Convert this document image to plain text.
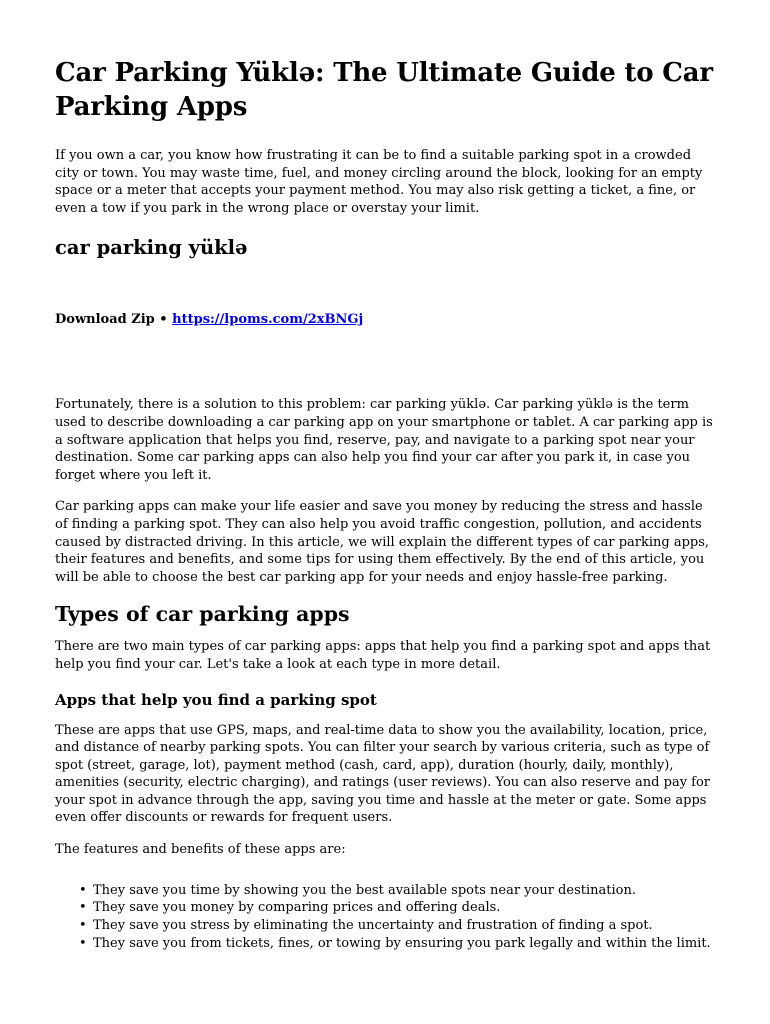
Car Parking Yüklə: The Ultimate Guide to Car Parking Apps

If you own a car, you know how frustrating it can be to find a suitable parking spot in a crowded city or town. You may waste time, fuel, and money circling around the block, looking for an empty space or a meter that accepts your payment method. You may also risk getting a ticket, a fine, or even a tow if you park in the wrong place or overstay your limit.

car parking yüklə
Download Zip • https://lpoms.com/2xBNGj

Fortunately, there is a solution to this problem: car parking yüklə. Car parking yüklə is the term used to describe downloading a car parking app on your smartphone or tablet. A car parking app is a software application that helps you find, reserve, pay, and navigate to a parking spot near your destination. Some car parking apps can also help you find your car after you park it, in case you forget where you left it.

Car parking apps can make your life easier and save you money by reducing the stress and hassle of finding a parking spot. They can also help you avoid traffic congestion, pollution, and accidents caused by distracted driving. In this article, we will explain the different types of car parking apps, their features and benefits, and some tips for using them effectively. By the end of this article, you will be able to choose the best car parking app for your needs and enjoy hassle-free parking.

Types of car parking apps

There are two main types of car parking apps: apps that help you find a parking spot and apps that help you find your car. Let's take a look at each type in more detail.

Apps that help you find a parking spot

These are apps that use GPS, maps, and real-time data to show you the availability, location, price, and distance of nearby parking spots. You can filter your search by various criteria, such as type of spot (street, garage, lot), payment method (cash, card, app), duration (hourly, daily, monthly), amenities (security, electric charging), and ratings (user reviews). You can also reserve and pay for your spot in advance through the app, saving you time and hassle at the meter or gate. Some apps even offer discounts or rewards for frequent users.

The features and benefits of these apps are:

• They save you time by showing you the best available spots near your destination.
• They save you money by comparing prices and offering deals.
• They save you stress by eliminating the uncertainty and frustration of finding a spot.
• They save you from tickets, fines, or towing by ensuring you park legally and within the limit.
